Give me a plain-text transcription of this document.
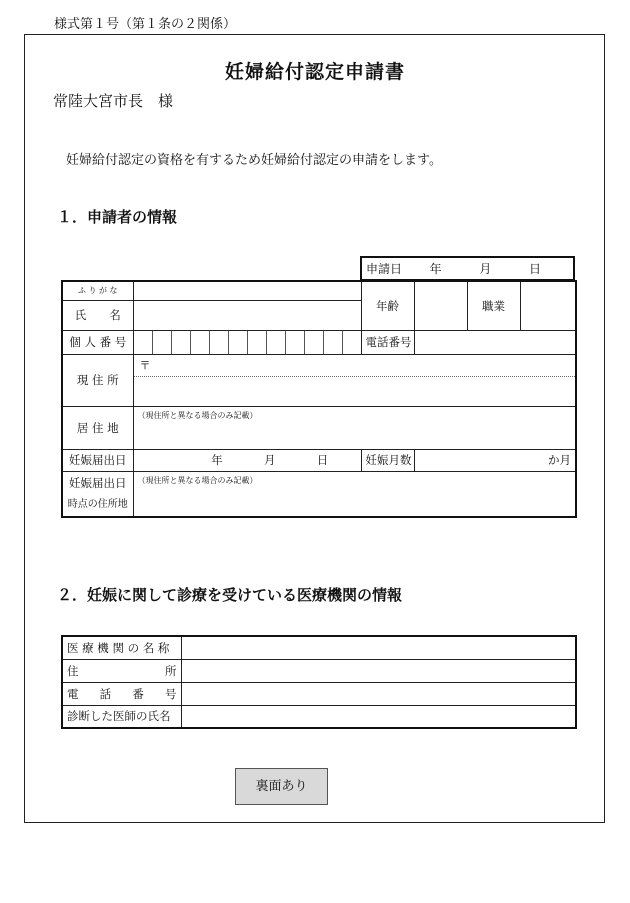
様式第１号（第１条の２関係）
妊婦給付認定申請書
常陸大宮市長　様
妊婦給付認定の資格を有するため妊婦給付認定の申請をします。
１．申請者の情報
申請日 年	月	日
ふ り が な		年齢		職業	
氏　　名					
個 人 番 号		電話番号			
現 住 所	〒				

居 住 地	（現住所と異なる場合のみ記載）				
妊娠届出日	年 月 日	妊娠月数	か月		

妊娠届出日
時点の住所地	（現住所と異なる場合のみ記載）				
２．妊娠に関して診療を受けている医療機関の情報
医 療 機 関 の 名 称	

住 所	

電 話 番 号	

診断した医師の氏名	
裏面あり
